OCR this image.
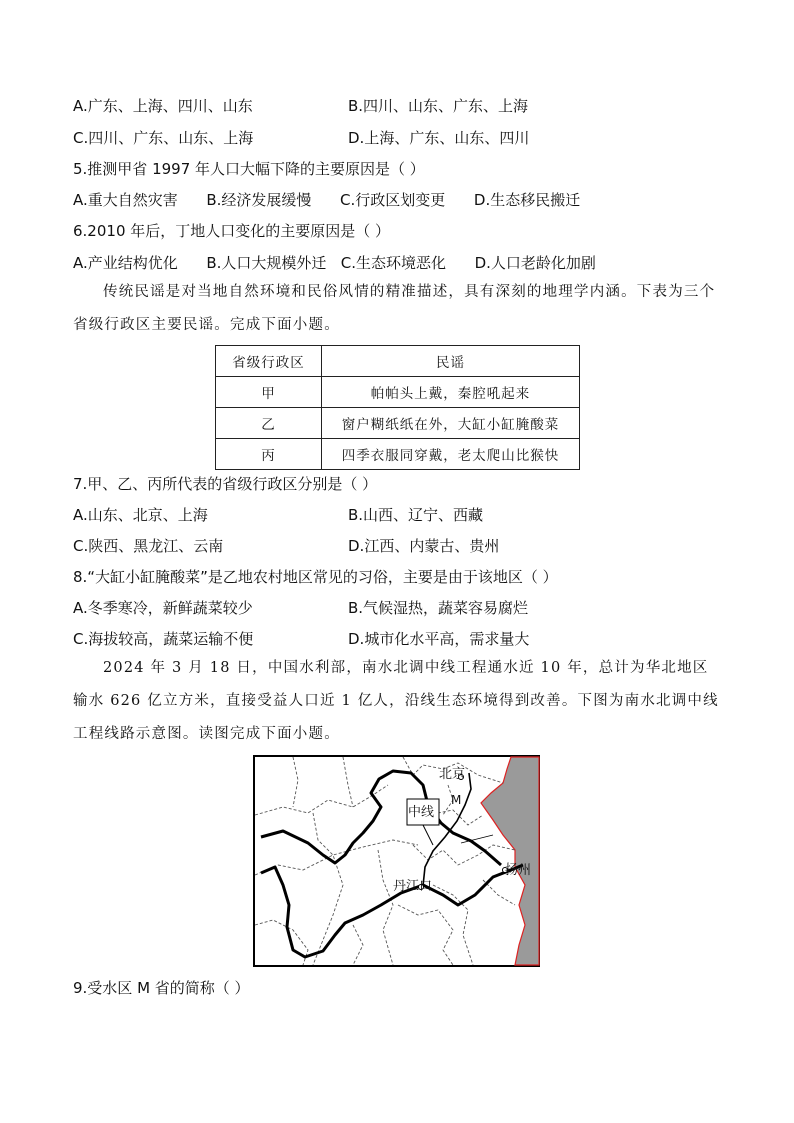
A.广东、上海、四川、山东	B.四川、山东、广东、上海
C.四川、广东、山东、上海	D.上海、广东、山东、四川
5.推测甲省 1997 年人口大幅下降的主要原因是（ ）
A.重大自然灾害      B.经济发展缓慢      C.行政区划变更      D.生态移民搬迁
6.2010 年后，丁地人口变化的主要原因是（ ）
A.产业结构优化      B.人口大规模外迁   C.生态环境恶化      D.人口老龄化加剧
传统民谣是对当地自然环境和民俗风情的精准描述，具有深刻的地理学内涵。下表为三个省级行政区主要民谣。完成下面小题。
省级行政区	民谣
甲	帕帕头上戴，秦腔吼起来
乙	窗户糊纸纸在外，大缸小缸腌酸菜
丙	四季衣服同穿戴，老太爬山比猴快
7.甲、乙、丙所代表的省级行政区分别是（ ）
A.山东、北京、上海	B.山西、辽宁、西藏
C.陕西、黑龙江、云南	D.江西、内蒙古、贵州
8.“大缸小缸腌酸菜”是乙地农村地区常见的习俗，主要是由于该地区（ ）
A.冬季寒冷，新鲜蔬菜较少	B.气候湿热，蔬菜容易腐烂
C.海拔较高，蔬菜运输不便	D.城市化水平高，需求量大
2024 年 3 月 18 日，中国水利部，南水北调中线工程通水近 10 年，总计为华北地区输水 626 亿立方米，直接受益人口近 1 亿人，沿线生态环境得到改善。下图为南水北调中线工程线路示意图。读图完成下面小题。
北京
中线
M
扬州
丹江口
9.受水区 M 省的简称（ ）
